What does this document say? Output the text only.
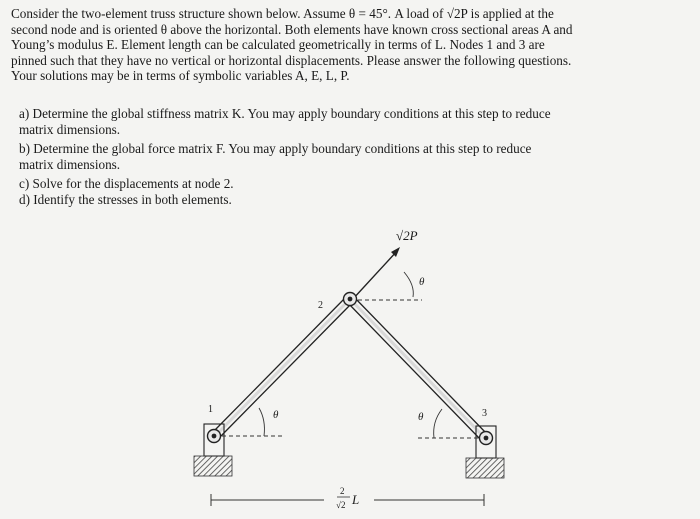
Consider the two-element truss structure shown below. Assume θ = 45°. A load of √2P is applied at the
second node and is oriented θ above the horizontal. Both elements have known cross sectional areas A and
Young’s modulus E. Element length can be calculated geometrically in terms of L. Nodes 1 and 3 are
pinned such that they have no vertical or horizontal displacements. Please answer the following questions.
Your solutions may be in terms of symbolic variables A, E, L, P.
a) Determine the global stiffness matrix K. You may apply boundary conditions at this step to reduce
matrix dimensions.
b) Determine the global force matrix F. You may apply boundary conditions at this step to reduce
matrix dimensions.
c) Solve for the displacements at node 2.
d) Identify the stresses in both elements.
√2P
θ
2
1	θ	3
θ
2
√2 L
